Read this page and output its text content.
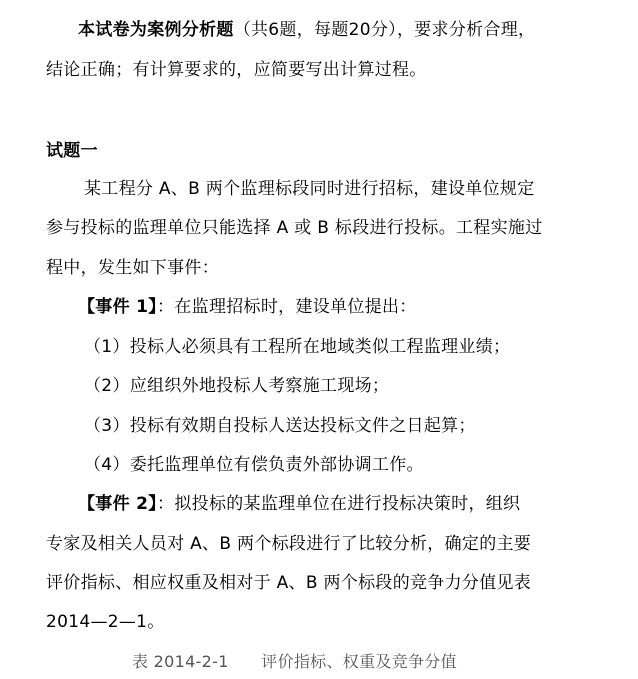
本试卷为案例分析题（共6题，每题20分），要求分析合理，
结论正确；有计算要求的，应简要写出计算过程。
试题一
某工程分 A、B 两个监理标段同时进行招标，建设单位规定
参与投标的监理单位只能选择 A 或 B 标段进行投标。工程实施过
程中，发生如下事件：
【事件 1】：在监理招标时，建设单位提出：
（1）投标人必须具有工程所在地域类似工程监理业绩；
（2）应组织外地投标人考察施工现场；
（3）投标有效期自投标人送达投标文件之日起算；
（4）委托监理单位有偿负责外部协调工作。
【事件 2】：拟投标的某监理单位在进行投标决策时，组织
专家及相关人员对 A、B 两个标段进行了比较分析，确定的主要
评价指标、相应权重及相对于 A、B 两个标段的竞争力分值见表
2014—2—1。
表 2014-2-1　　评价指标、权重及竞争分值
